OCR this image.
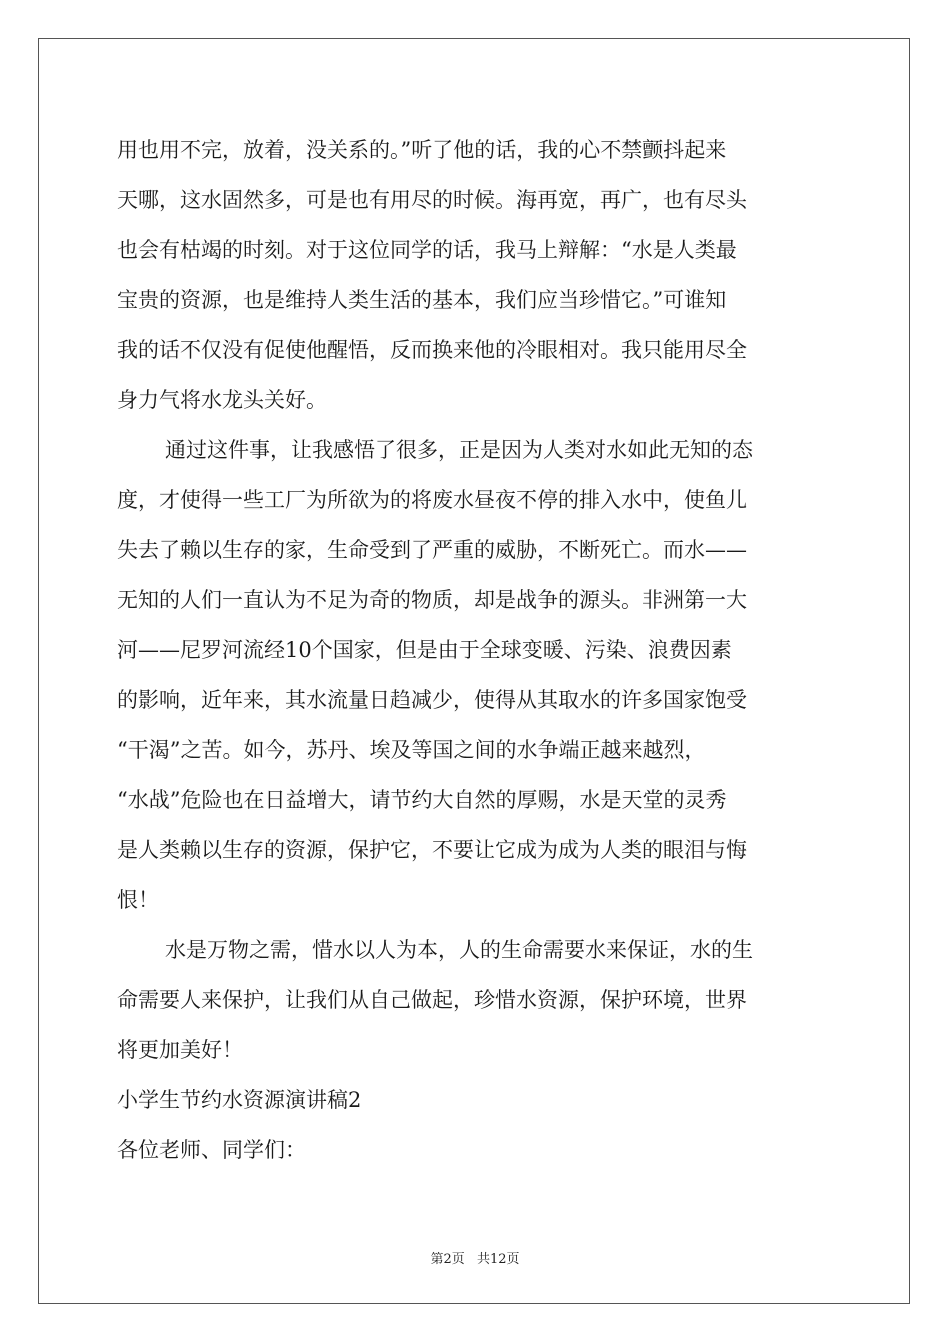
用也用不完，放着，没关系的。”听了他的话，我的心不禁颤抖起来
天哪，这水固然多，可是也有用尽的时候。海再宽，再广，也有尽头
也会有枯竭的时刻。对于这位同学的话，我马上辩解：“水是人类最
宝贵的资源，也是维持人类生活的基本，我们应当珍惜它。”可谁知
我的话不仅没有促使他醒悟，反而换来他的冷眼相对。我只能用尽全
身力气将水龙头关好。
通过这件事，让我感悟了很多，正是因为人类对水如此无知的态
度，才使得一些工厂为所欲为的将废水昼夜不停的排入水中，使鱼儿
失去了赖以生存的家，生命受到了严重的威胁，不断死亡。而水——
无知的人们一直认为不足为奇的物质，却是战争的源头。非洲第一大
河——尼罗河流经10个国家，但是由于全球变暖、污染、浪费因素
的影响，近年来，其水流量日趋减少，使得从其取水的许多国家饱受
“干渴”之苦。如今，苏丹、埃及等国之间的水争端正越来越烈，
“水战”危险也在日益增大，请节约大自然的厚赐，水是天堂的灵秀
是人类赖以生存的资源，保护它，不要让它成为成为人类的眼泪与悔
恨！
水是万物之需，惜水以人为本，人的生命需要水来保证，水的生
命需要人来保护，让我们从自己做起，珍惜水资源，保护环境，世界
将更加美好！
小学生节约水资源演讲稿2
各位老师、同学们：
第2页 共12页
